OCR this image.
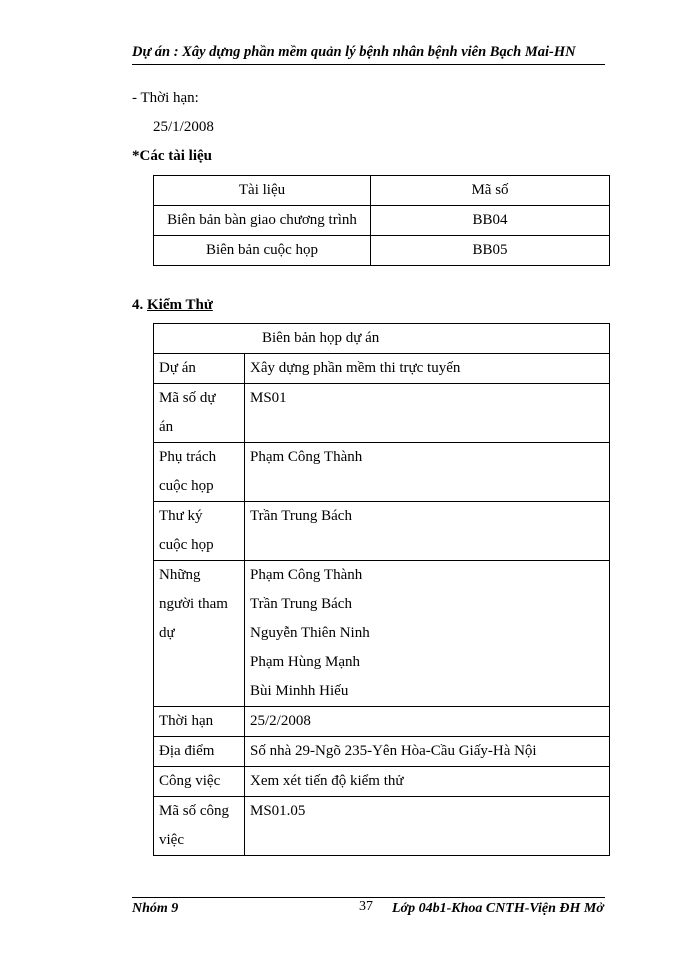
Dự án : Xây dựng phần mềm quản lý bệnh nhân bệnh viên Bạch Mai-HN
- Thời hạn:
25/1/2008
*Các tài liệu
Tài liệu	Mã số
Biên bản bàn giao chương trình	BB04
Biên bản cuộc họp	BB05
4. Kiểm Thử
Biên bản họp dự án	
Dự án	Xây dựng phần mềm thi trực tuyến

Mã số dự
án	MS01

Phụ trách
cuộc họp	Phạm Công Thành

Thư ký
cuộc họp	Trần Trung Bách

Những
người tham
dự	Phạm Công Thành
Trần Trung Bách
Nguyễn Thiên Ninh
Phạm Hùng Mạnh
Bùi Minhh Hiếu

Thời hạn	25/2/2008
Địa điểm	Số nhà 29-Ngõ 235-Yên Hòa-Cầu Giấy-Hà Nội
Công việc	Xem xét tiến độ kiểm thử

Mã số công
việc	MS01.05
Nhóm 9	37 Lớp 04b1-Khoa CNTH-Viện ĐH Mở
